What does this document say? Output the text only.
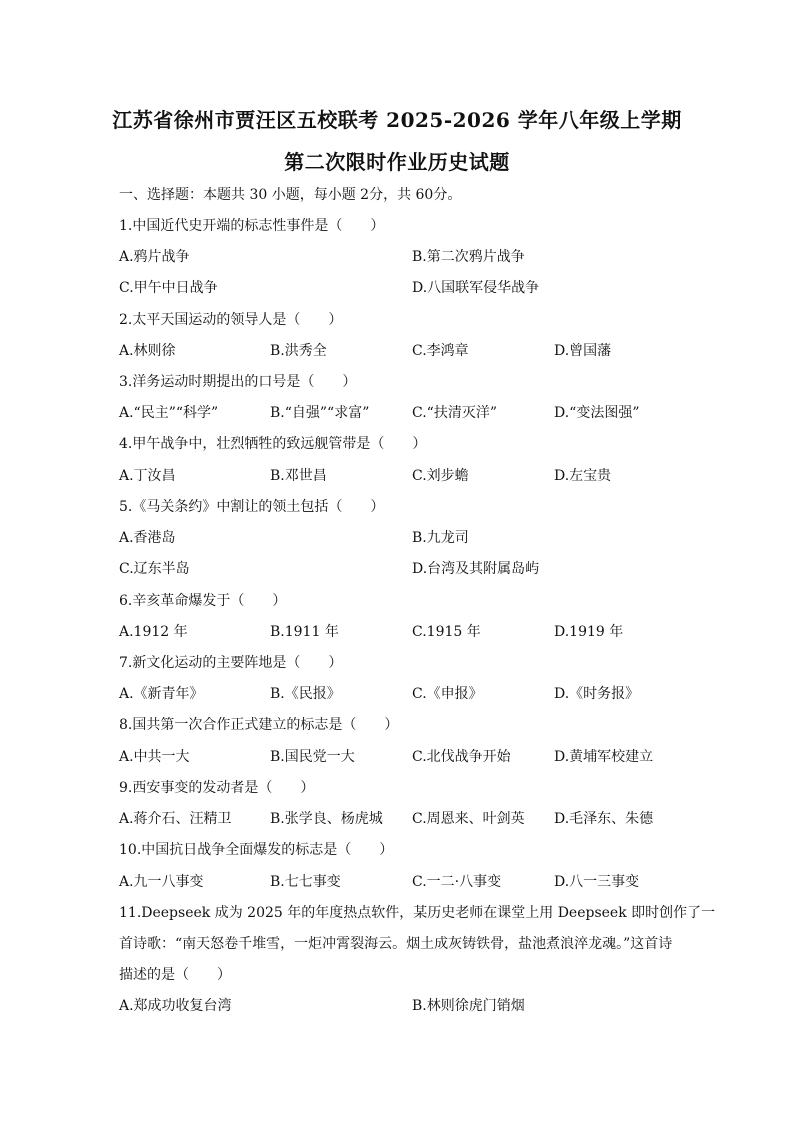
江苏省徐州市贾汪区五校联考 2025-2026 学年八年级上学期
第二次限时作业历史试题
一、选择题：本题共 30 小题，每小题 2分，共 60分。
1.中国近代史开端的标志性事件是（　　）
A.鸦片战争	B.第二次鸦片战争
C.甲午中日战争	D.八国联军侵华战争
2.太平天国运动的领导人是（　　）
A.林则徐	B.洪秀全	C.李鸿章	D.曾国藩
3.洋务运动时期提出的口号是（　　）
A.“民主”“科学”	B.“自强”“求富”	C.“扶清灭洋”	D.“变法图强”
4.甲午战争中，壮烈牺牲的致远舰管带是（　　）
A.丁汝昌	B.邓世昌	C.刘步蟾	D.左宝贵
5.《马关条约》中割让的领土包括（　　）
A.香港岛	B.九龙司
C.辽东半岛	D.台湾及其附属岛屿
6.辛亥革命爆发于（　　）
A.1912 年	B.1911 年	C.1915 年	D.1919 年
7.新文化运动的主要阵地是（　　）
A.《新青年》	B.《民报》	C.《申报》	D.《时务报》
8.国共第一次合作正式建立的标志是（　　）
A.中共一大	B.国民党一大	C.北伐战争开始	D.黄埔军校建立
9.西安事变的发动者是（　　）
A.蒋介石、汪精卫	B.张学良、杨虎城 C.周恩来、叶剑英 D.毛泽东、朱德
10.中国抗日战争全面爆发的标志是（　　）
A.九一八事变	B.七七事变	C.一二·八事变	D.八一三事变
11.Deepseek 成为 2025 年的年度热点软件，某历史老师在课堂上用 Deepseek 即时创作了一
首诗歌：“南天怒卷千堆雪，一炬冲霄裂海云。烟土成灰铸铁骨，盐池煮浪淬龙魂。”这首诗
描述的是（　　）
A.郑成功收复台湾	B.林则徐虎门销烟
